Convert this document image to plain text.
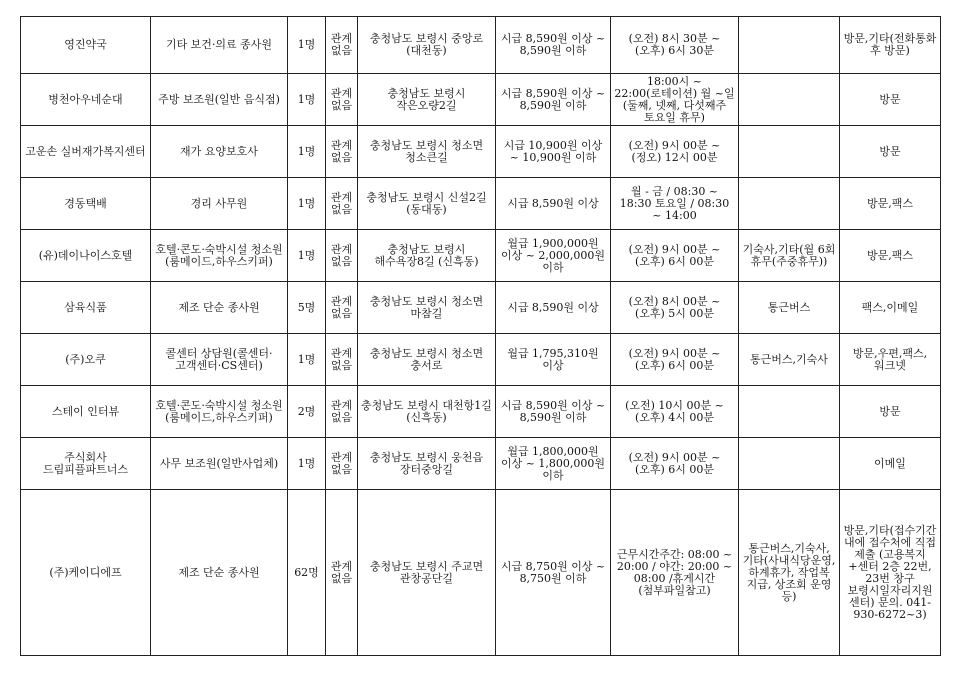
영진약국	기타 보건·의료 종사원	1명	관계 없음	충청남도 보령시 중앙로 (대천동)	시급 8,590원 이상 ~ 8,590원 이하	(오전) 8시 30분 ~ (오후) 6시 30분		방문,기타(전화통화 후 방문)
병천아우네순대	주방 보조원(일반 음식점)	1명	관계 없음	충청남도 보령시 작은오량2길	시급 8,590원 이상 ~ 8,590원 이하	18:00시 ~ 22:00(로테이션) 월 ~일(둘째, 넷째, 다섯째주 토요일 휴무)		방문
고운손 실버재가복지센터	재가 요양보호사	1명	관계 없음	충청남도 보령시 청소면 청소큰길	시급 10,900원 이상 ~ 10,900원 이하	(오전) 9시 00분 ~ (정오) 12시 00분		방문
경동택배	경리 사무원	1명	관계 없음	충청남도 보령시 신설2길 (동대동)	시급 8,590원 이상	월 - 금 / 08:30 ~ 18:30 토요일 / 08:30 ~ 14:00		방문,팩스
(유)데이나이스호텔	호텔·콘도·숙박시설 청소원(룸메이드,하우스키퍼)	1명	관계 없음	충청남도 보령시 해수욕장8길 (신흑동)	월급 1,900,000원 이상 ~ 2,000,000원 이하	(오전) 9시 00분 ~ (오후) 6시 00분	기숙사,기타(월 6회 휴무(주중휴무))	방문,팩스
삼육식품	제조 단순 종사원	5명	관계 없음	충청남도 보령시 청소면 마참길	시급 8,590원 이상	(오전) 8시 00분 ~ (오후) 5시 00분	통근버스	팩스,이메일
(주)오쿠	콜센터 상담원(콜센터·고객센터·CS센터)	1명	관계 없음	충청남도 보령시 청소면 충서로	월급 1,795,310원 이상	(오전) 9시 00분 ~ (오후) 6시 00분	통근버스,기숙사	방문,우편,팩스,워크넷
스테이 인터뷰	호텔·콘도·숙박시설 청소원(룸메이드,하우스키퍼)	2명	관계 없음	충청남도 보령시 대천항1길 (신흑동)	시급 8,590원 이상 ~ 8,590원 이하	(오전) 10시 00분 ~ (오후) 4시 00분		방문
주식회사 드림피플파트너스	사무 보조원(일반사업체)	1명	관계 없음	충청남도 보령시 웅천읍 장터중앙길	월급 1,800,000원 이상 ~ 1,800,000원 이하	(오전) 9시 00분 ~ (오후) 6시 00분		이메일
(주)케이디에프	제조 단순 종사원	62명	관계 없음	충청남도 보령시 주교면 관창공단길	시급 8,750원 이상 ~ 8,750원 이하	근무시간주간: 08:00 ~ 20:00 / 야간: 20:00 ~ 08:00 /휴게시간(첨부파일참고)	통근버스,기숙사,기타(사내식당운영, 하계휴가, 작업복 지급, 상조회 운영 등)	방문,기타(접수기간 내에 접수처에 직접 제출 (고용복지+센터 2층 22번, 23번 창구 보령시일자리지원센터) 문의. 041-930-6272~3)
